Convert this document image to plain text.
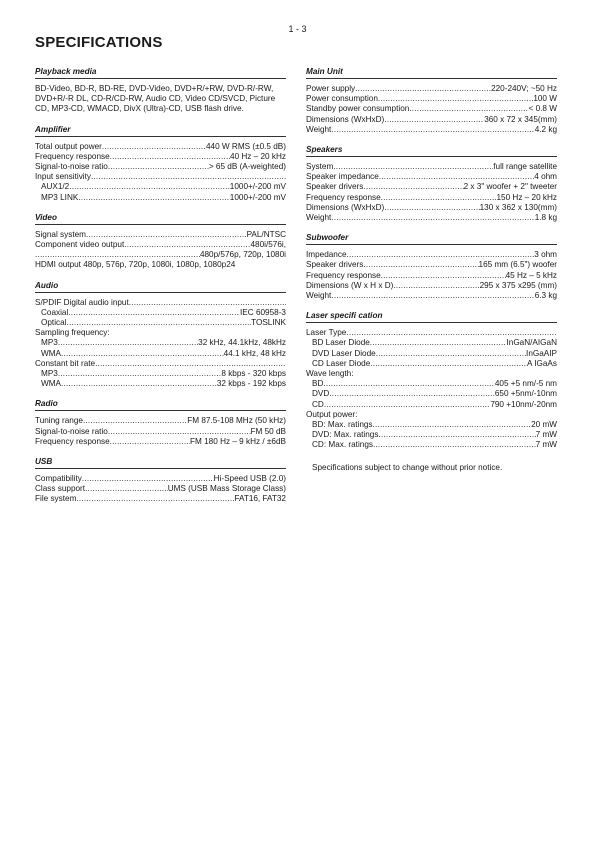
1 - 3
SPECIFICATIONS
Playback media
BD-Video, BD-R, BD-RE, DVD-Video, DVD+R/+RW, DVD-R/-RW, DVD+R/-R DL, CD-R/CD-RW, Audio CD, Video CD/SVCD, Picture CD, MP3-CD, WMACD, DivX (Ultra)-CD, USB flash drive.
Amplifier
Total output power .....	440 W RMS (±0.5 dB)
Frequency response .....	40 Hz – 20 kHz
Signal-to-noise ratio .....	> 65 dB (A-weighted)
Input sensitivity
.....
AUX1/2 .....	1000+/-200 mV
MP3 LINK .....	1000+/-200 mV
Video
Signal system .....	PAL/NTSC
Component video output .....	480i/576i,
.....
480p/576p, 720p, 1080i
HDMI output 480p, 576p, 720p, 1080i, 1080p, 1080p24
Audio
S/PDIF Digital audio input
.....
Coaxial .....	IEC 60958-3
Optical .....	TOSLINK
Sampling frequency:
MP3 .....	32 kHz, 44.1kHz, 48kHz
WMA .....	44.1 kHz, 48 kHz
Constant bit rate
.....
MP3 .....	8 kbps - 320 kbps
WMA .....	32 kbps - 192 kbps
Radio
Tuning range .....	FM 87.5-108 MHz (50 kHz)
Signal-to-noise ratio .....	FM 50 dB
Frequency response .....	FM 180 Hz – 9 kHz / ±6dB
USB
Compatibility .....	Hi-Speed USB (2.0)
Class support .....	UMS (USB Mass Storage Class)
File system .....	FAT16, FAT32
Main Unit
Power supply .....	220-240V; ~50 Hz
Power consumption .....	100 W
Standby power consumption .....	< 0.8 W
Dimensions (WxHxD) .....	360 x 72 x 345(mm)
Weight .....	4.2 kg
Speakers
System .....	full range satellite
Speaker impedance .....	4 ohm
Speaker drivers .....	2 x 3" woofer + 2" tweeter
Frequency response .....	150 Hz – 20 kHz
Dimensions (WxHxD) .....	130 x 362 x 130(mm)
Weight .....	1.8 kg
Subwoofer
Impedance .....	3 ohm
Speaker drivers .....	165 mm (6.5") woofer
Frequency response .....	45 Hz – 5 kHz
Dimensions (W x H x D) .....	295 x 375 x295 (mm)
Weight .....	6.3 kg
Laser specifi cation
Laser Type
.....
BD Laser Diode .....	InGaN/AIGaN
DVD Laser Diode .....	InGaAIP
CD Laser Diode .....	A IGaAs
Wave length:
BD .....	405 +5 nm/-5 nm
DVD .....	650 +5nm/-10nm
CD .....	790 +10nm/-20nm
Output power:
BD: Max. ratings .....	20 mW
DVD: Max. ratings .....	7 mW
CD: Max. ratings .....	7 mW
Specifications subject to change without prior notice.
